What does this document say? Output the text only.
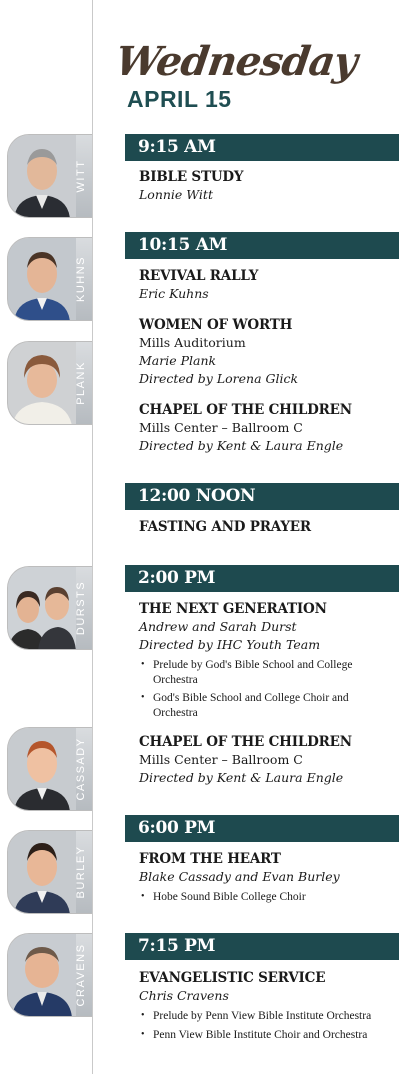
Wednesday
APRIL 15
WITT
KUHNS
PLANK
DURSTS
CASSADY
BURLEY
CRAVENS
9:15 AM
BIBLE STUDY
Lonnie Witt
10:15 AM
REVIVAL RALLY
Eric Kuhns
WOMEN OF WORTH
Mills Auditorium
Marie Plank
Directed by Lorena Glick
CHAPEL OF THE CHILDREN
Mills Center – Ballroom C
Directed by Kent & Laura Engle
12:00 NOON
FASTING AND PRAYER
2:00 PM
THE NEXT GENERATION
Andrew and Sarah Durst
Directed by IHC Youth Team
• Prelude by God's Bible School and College Orchestra
• God's Bible School and College Choir and Orchestra
CHAPEL OF THE CHILDREN
Mills Center – Ballroom C
Directed by Kent & Laura Engle
6:00 PM
FROM THE HEART
Blake Cassady and Evan Burley
• Hobe Sound Bible College Choir
7:15 PM
EVANGELISTIC SERVICE
Chris Cravens
• Prelude by Penn View Bible Institute Orchestra
• Penn View Bible Institute Choir and Orchestra
